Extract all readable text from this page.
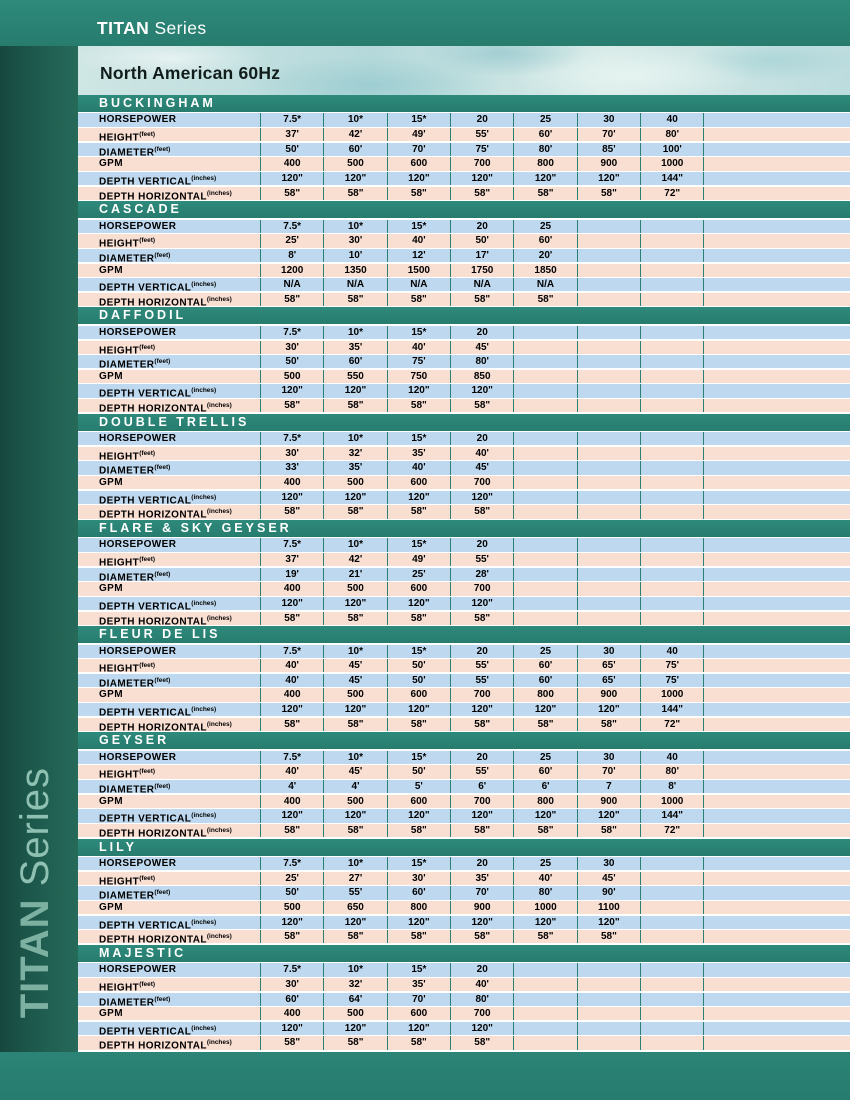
TITAN Series
TITAN Series
North American 60Hz
BUCKINGHAM
HORSEPOWER	7.5*	10*	15*	20	25	30	40
$HEIGHT^{(feet)}$	37'	42'	49'	55'	60'	70'	80'
$DIAMETER^{(feet)}$	50'	60'	70'	75'	80'	85'	100'
GPM	400	500	600	700	800	900	1000
DEPTH $VERTICAL^{(inches)}$	120"	120"	120"	120"	120"	120"	144"
DEPTH $HORIZONTAL^{(inches)}$	58"	58"	58"	58"	58"	58"	72"
CASCADE
HORSEPOWER	7.5*	10*	15*	20	25
$HEIGHT^{(feet)}$	25'	30'	40'	50'	60'
$DIAMETER^{(feet)}$	8'	10'	12'	17'	20'
GPM	1200	1350	1500	1750	1850
DEPTH $VERTICAL^{(inches)}$	N/A	N/A	N/A	N/A	N/A
DEPTH $HORIZONTAL^{(inches)}$	58"	58"	58"	58"	58"
DAFFODIL
HORSEPOWER	7.5*	10*	15*	20
$HEIGHT^{(feet)}$	30'	35'	40'	45'
$DIAMETER^{(feet)}$	50'	60'	75'	80'
GPM	500	550	750	850
DEPTH $VERTICAL^{(inches)}$	120"	120"	120"	120"
DEPTH $HORIZONTAL^{(inches)}$	58"	58"	58"	58"
DOUBLE TRELLIS
HORSEPOWER	7.5*	10*	15*	20
$HEIGHT^{(feet)}$	30'	32'	35'	40'
$DIAMETER^{(feet)}$	33'	35'	40'	45'
GPM	400	500	600	700
DEPTH $VERTICAL^{(inches)}$	120"	120"	120"	120"
DEPTH $HORIZONTAL^{(inches)}$	58"	58"	58"	58"
FLARE & SKY GEYSER
HORSEPOWER	7.5*	10*	15*	20
$HEIGHT^{(feet)}$	37'	42'	49'	55'
$DIAMETER^{(feet)}$	19'	21'	25'	28'
GPM	400	500	600	700
DEPTH $VERTICAL^{(inches)}$	120"	120"	120"	120"
DEPTH $HORIZONTAL^{(inches)}$	58"	58"	58"	58"
FLEUR DE LIS
HORSEPOWER	7.5*	10*	15*	20	25	30	40
$HEIGHT^{(feet)}$	40'	45'	50'	55'	60'	65'	75'
$DIAMETER^{(feet)}$	40'	45'	50'	55'	60'	65'	75'
GPM	400	500	600	700	800	900	1000
DEPTH $VERTICAL^{(inches)}$	120"	120"	120"	120"	120"	120"	144"
DEPTH $HORIZONTAL^{(inches)}$	58"	58"	58"	58"	58"	58"	72"
GEYSER
HORSEPOWER	7.5*	10*	15*	20	25	30	40
$HEIGHT^{(feet)}$	40'	45'	50'	55'	60'	70'	80'
$DIAMETER^{(feet)}$	4'	4'	5'	6'	6'	7	8'
GPM	400	500	600	700	800	900	1000
DEPTH $VERTICAL^{(inches)}$	120"	120"	120"	120"	120"	120"	144"
DEPTH $HORIZONTAL^{(inches)}$	58"	58"	58"	58"	58"	58"	72"
LILY
HORSEPOWER	7.5*	10*	15*	20	25	30
$HEIGHT^{(feet)}$	25'	27'	30'	35'	40'	45'
$DIAMETER^{(feet)}$	50'	55'	60'	70'	80'	90'
GPM	500	650	800	900	1000	1100
DEPTH $VERTICAL^{(inches)}$	120"	120"	120"	120"	120"	120"
DEPTH $HORIZONTAL^{(inches)}$	58"	58"	58"	58"	58"	58"
MAJESTIC
HORSEPOWER	7.5*	10*	15*	20
$HEIGHT^{(feet)}$	30'	32'	35'	40'
$DIAMETER^{(feet)}$	60'	64'	70'	80'
GPM	400	500	600	700
DEPTH $VERTICAL^{(inches)}$	120"	120"	120"	120"
DEPTH $HORIZONTAL^{(inches)}$	58"	58"	58"	58"
